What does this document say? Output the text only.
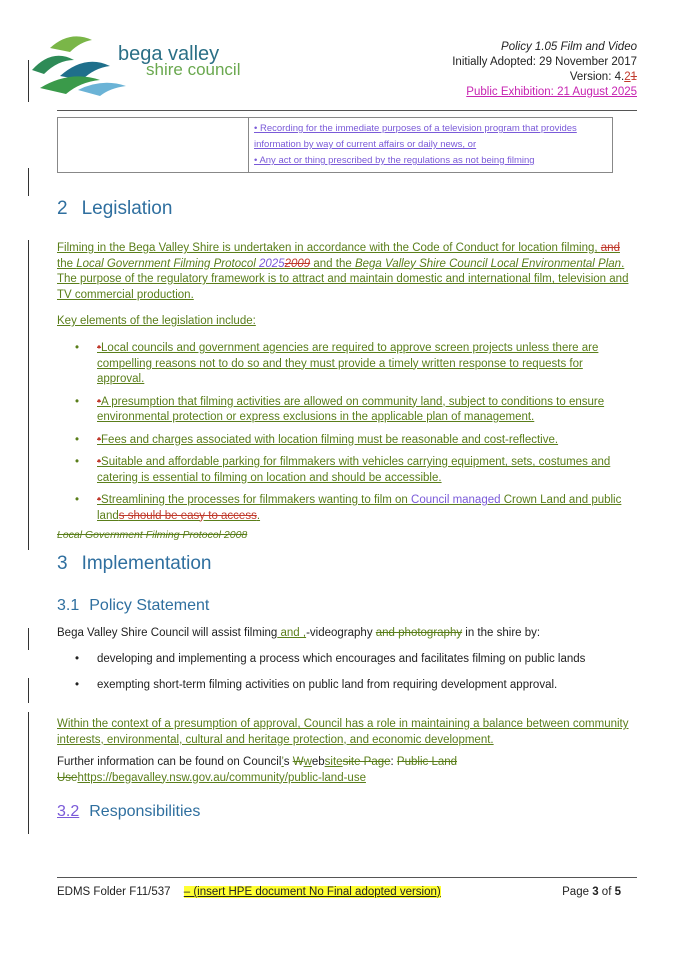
bega valley
shire council
Policy 1.05 Film and Video
Initially Adopted: 29 November 2017
Version: 4.21
Public Exhibition: 21 August 2025

• Recording for the immediate purposes of a television program that provides information by way of current affairs or daily news, or
• Any act or thing prescribed by the regulations as not being filming
2 Legislation
Filming in the Bega Valley Shire is undertaken in accordance with the Code of Conduct for location filming, and the Local Government Filming Protocol 20252009 and the Bega Valley Shire Council Local Environmental Plan. The purpose of the regulatory framework is to attract and maintain domestic and international film, television and TV commercial production.
Key elements of the legislation include:
• •Local councils and government agencies are required to approve screen projects unless there are compelling reasons not to do so and they must provide a timely written response to requests for approval.
• •A presumption that filming activities are allowed on community land, subject to conditions to ensure environmental protection or express exclusions in the applicable plan of management.
• •Fees and charges associated with location filming must be reasonable and cost-reflective.
• •Suitable and affordable parking for filmmakers with vehicles carrying equipment, sets, costumes and catering is essential to filming on location and should be accessible.
• •Streamlining the processes for filmmakers wanting to film on Council managed Crown Land and public lands should be easy to access.
Local Government Filming Protocol 2008
3 Implementation
3.1 Policy Statement
Bega Valley Shire Council will assist filming and ,-videography and photography in the shire by:
• developing and implementing a process which encourages and facilitates filming on public lands
• exempting short-term filming activities on public land from requiring development approval.
Within the context of a presumption of approval, Council has a role in maintaining a balance between community interests, environmental, cultural and heritage protection, and economic development.
Further information can be found on Council’s Wwebsitesite Page: Public Land Usehttps://begavalley.nsw.gov.au/community/public-land-use
3.2 Responsibilities
EDMS Folder F11/537 – (insert HPE document No Final adopted version)	Page 3 of 5
